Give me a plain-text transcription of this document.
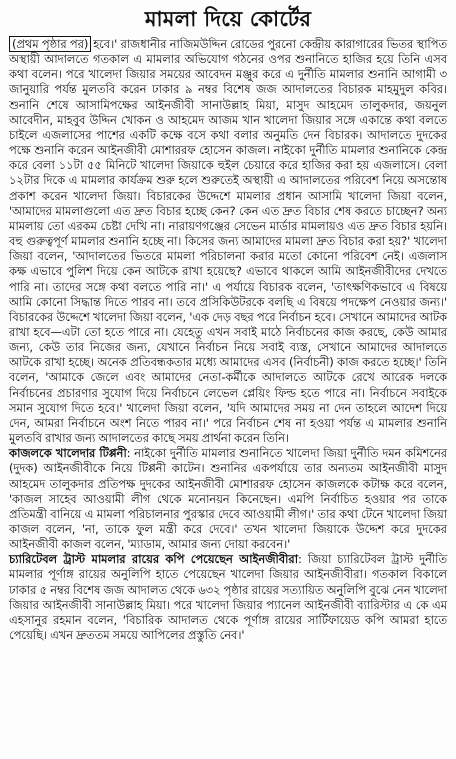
মামলা দিয়ে কোর্টের

(প্রথম পৃষ্ঠার পর) হবে।' রাজধানীর নাজিমউদ্দিন রোডের পুরনো কেন্দ্রীয় কারাগারের ভিতর স্থাপিত অস্থায়ী আদালতে গতকাল এ মামলার অভিযোগ গঠনের ওপর শুনানিতে হাজির হয়ে তিনি এসব কথা বলেন। পরে খালেদা জিয়ার সময়ের আবেদন মঞ্জুর করে এ দুর্নীতি মামলার শুনানি আগামী ৩ জানুয়ারি পর্যন্ত মুলতবি করেন ঢাকার ৯ নম্বর বিশেষ জজ আদালতের বিচারক মাহমুদুল কবির। শুনানি শেষে আসামিপক্ষের আইনজীবী সানাউল্লাহ মিয়া, মাসুদ আহমেদ তালুকদার, জয়নুল আবেদীন, মাহবুব উদ্দিন খোকন ও আহমেদ আজম খান খালেদা জিয়ার সঙ্গে একান্তে কথা বলতে চাইলে এজলাসের পাশের একটি কক্ষে বসে কথা বলার অনুমতি দেন বিচারক। আদালতে দুদকের পক্ষে শুনানি করেন আইনজীবী মোশাররফ হোসেন কাজল। নাইকো দুর্নীতি মামলার শুনানিকে কেন্দ্র করে বেলা ১১টা ৫৫ মিনিটে খালেদা জিয়াকে হুইল চেয়ারে করে হাজির করা হয় এজলাসে। বেলা ১২টার দিকে এ মামলার কার্যক্রম শুরু হলে শুরুতেই অস্থায়ী এ আদালতের পরিবেশ নিয়ে অসন্তোষ প্রকাশ করেন খালেদা জিয়া। বিচারকের উদ্দেশে মামলার প্রধান আসামি খালেদা জিয়া বলেন, 'আমাদের মামলাগুলো এত দ্রুত বিচার হচ্ছে কেন? কেন এত দ্রুত বিচার শেষ করতে চাচ্ছেন? অন্য মামলায় তো এরকম চেষ্টা দেখি না। নারায়ণগঞ্জের সেভেন মার্ডার মামলায়ও এত দ্রুত বিচার হয়নি। বহু গুরুত্বপূর্ণ মামলার শুনানি হচ্ছে না। কিসের জন্য আমাদের মামলা দ্রুত বিচার করা হয়?' খালেদা জিয়া বলেন, 'আদালতের ভিতরে মামলা পরিচালনা করার মতো কোনো পরিবেশ নেই। এজলাস কক্ষ এভাবে পুলিশ দিয়ে কেন আটকে রাখা হয়েছে? এভাবে থাকলে আমি আইনজীবীদের দেখতে পারি না। তাদের সঙ্গে কথা বলতে পারি না।' এ পর্যায়ে বিচারক বলেন, 'তাৎক্ষণিকভাবে এ বিষয়ে আমি কোনো সিদ্ধান্ত দিতে পারব না। তবে প্রসিকিউটরকে বলছি এ বিষয়ে পদক্ষেপ নেওয়ার জন্য।' বিচারকের উদ্দেশে খালেদা জিয়া বলেন, 'এক দেড় বছর পরে নির্বাচন হবে। সেখানে আমাদের আটক রাখা হবে—এটা তো হতে পারে না। যেহেতু এখন সবাই মাঠে নির্বাচনের কাজ করছে, কেউ আমার জন্য, কেউ তার নিজের জন্য, যেখানে নির্বাচন নিয়ে সবাই ব্যস্ত, সেখানে আমাদের আদালতে আটকে রাখা হচ্ছে। অনেক প্রতিবন্ধকতার মধ্যে আমাদের এসব (নির্বাচনী) কাজ করতে হচ্ছে।' তিনি বলেন, 'আমাকে জেলে এবং আমাদের নেতা-কর্মীকে আদালতে আটকে রেখে আরেক দলকে নির্বাচনের প্রচারণার সুযোগ দিয়ে নির্বাচনে লেভেল প্লেয়িং ফিল্ড হতে পারে না। নির্বাচনে সবাইকে সমান সুযোগ দিতে হবে।' খালেদা জিয়া বলেন, 'যদি আমাদের সময় না দেন তাহলে আদেশ দিয়ে দেন, আমরা নির্বাচনে অংশ নিতে পারব না।' পরে নির্বাচন শেষ না হওয়া পর্যন্ত এ মামলার শুনানি মুলতবি রাখার জন্য আদালতের কাছে সময় প্রার্থনা করেন তিনি।

কাজলকে খালেদার টিপ্পনী: নাইকো দুর্নীতি মামলার শুনানিতে খালেদা জিয়া দুর্নীতি দমন কমিশনের (দুদক) আইনজীবীকে নিয়ে টিপ্পনী কাটেন। শুনানির একপর্যায়ে তার অন্যতম আইনজীবী মাসুদ আহমেদ তালুকদার প্রতিপক্ষ দুদকের আইনজীবী মোশাররফ হোসেন কাজলকে কটাক্ষ করে বলেন, 'কাজল সাহেব আওয়ামী লীগ থেকে মনোনয়ন কিনেছেন। এমপি নির্বাচিত হওয়ার পর তাকে প্রতিমন্ত্রী বানিয়ে এ মামলা পরিচালনার পুরস্কার দেবে আওয়ামী লীগ।' তার কথা টেনে খালেদা জিয়া কাজল বলেন, 'না, তাকে ফুল মন্ত্রী করে দেবে।' তখন খালেদা জিয়াকে উদ্দেশ করে দুদকের আইনজীবী কাজল বলেন, 'ম্যাডাম, আমার জন্য দোয়া করবেন।'

চ্যারিটেবল ট্রাস্ট মামলার রায়ের কপি পেয়েছেন আইনজীবীরা: জিয়া চ্যারিটেবল ট্রাস্ট দুর্নীতি মামলার পূর্ণাঙ্গ রায়ের অনুলিপি হাতে পেয়েছেন খালেদা জিয়ার আইনজীবীরা। গতকাল বিকালে ঢাকার ৫ নম্বর বিশেষ জজ আদালত থেকে ৬৩২ পৃষ্ঠার রায়ের সত্যায়িত অনুলিপি বুঝে নেন খালেদা জিয়ার আইনজীবী সানাউল্লাহ মিয়া। পরে খালেদা জিয়ার প্যানেল আইনজীবী ব্যারিস্টার এ কে এম এহসানুর রহমান বলেন, 'বিচারিক আদালত থেকে পূর্ণাঙ্গ রায়ের সার্টিফায়েড কপি আমরা হাতে পেয়েছি। এখন দ্রুততম সময়ে আপিলের প্রস্তুতি নেব।'
